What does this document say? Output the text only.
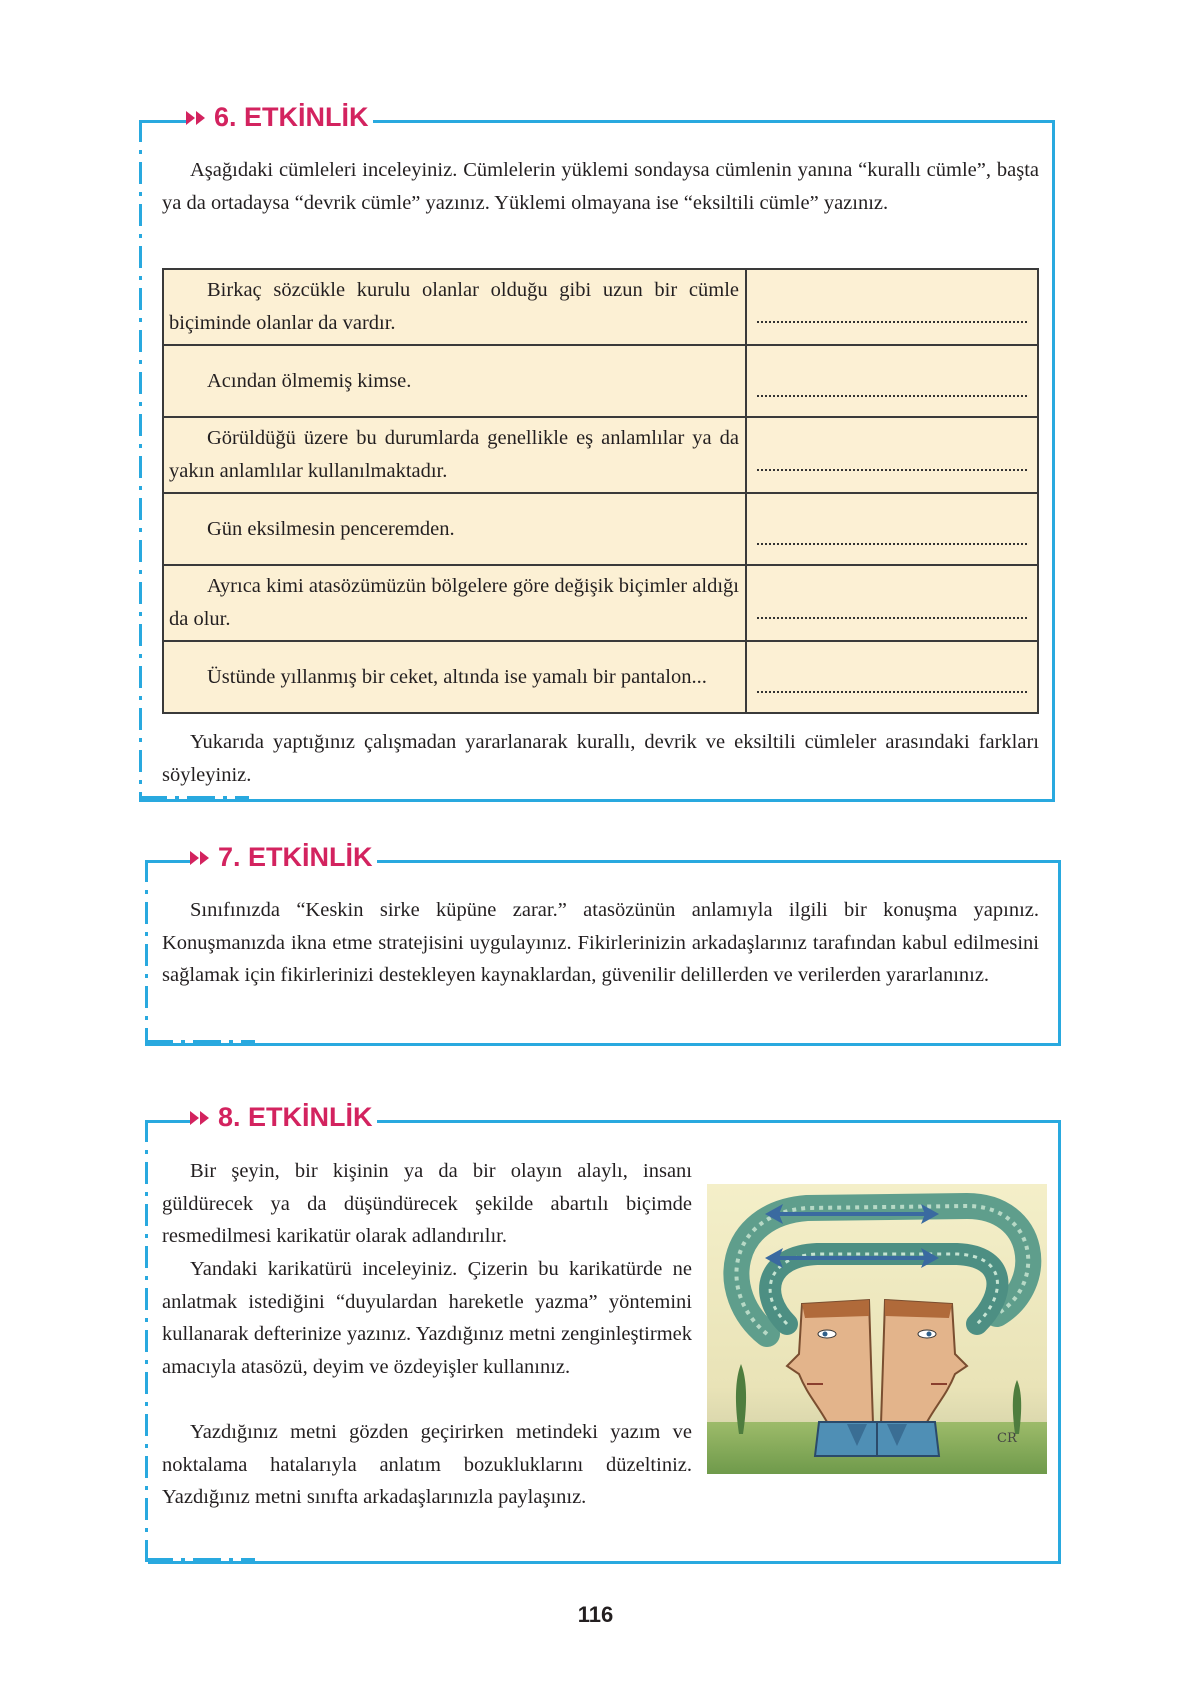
6. ETKİNLİK

Aşağıdaki cümleleri inceleyiniz. Cümlelerin yüklemi sondaysa cümlenin yanına “kurallı cümle”, başta ya da ortadaysa “devrik cümle” yazınız. Yüklemi olmayana ise “eksiltili cümle” yazınız.

Birkaç sözcükle kurulu olanlar olduğu gibi uzun bir cümle biçiminde olanlar da vardır.	

Acından ölmemiş kimse.	

Görüldüğü üzere bu durumlarda genellikle eş anlamlılar ya da yakın anlamlılar kullanılmaktadır.	

Gün eksilmesin penceremden.	

Ayrıca kimi atasözümüzün bölgelere göre değişik biçimler aldığı da olur.	

Üstünde yıllanmış bir ceket, altında ise yamalı bir pantalon...	

Yukarıda yaptığınız çalışmadan yararlanarak kurallı, devrik ve eksiltili cümleler arasındaki farkları söyleyiniz.

7. ETKİNLİK

Sınıfınızda “Keskin sirke küpüne zarar.” atasözünün anlamıyla ilgili bir konuşma yapınız. Konuşmanızda ikna etme stratejisini uygulayınız. Fikirlerinizin arkadaşlarınız tarafından kabul edilmesini sağlamak için fikirlerinizi destekleyen kaynaklardan, güvenilir delillerden ve verilerden yararlanınız.

8. ETKİNLİK

Bir şeyin, bir kişinin ya da bir olayın alaylı, insanı güldürecek ya da düşündürecek şekilde abartılı biçimde resmedilmesi karikatür olarak adlandırılır.

Yandaki karikatürü inceleyiniz. Çizerin bu karikatürde ne anlatmak istediğini “duyulardan hareketle yazma” yöntemini kullanarak defterinize yazınız. Yazdığınız metni zenginleştirmek amacıyla atasözü, deyim ve özdeyişler kullanınız.

Yazdığınız metni gözden geçirirken metindeki yazım ve noktalama hatalarıyla anlatım bozukluklarını düzeltiniz. Yazdığınız metni sınıfta arkadaşlarınızla paylaşınız.

CR
116
